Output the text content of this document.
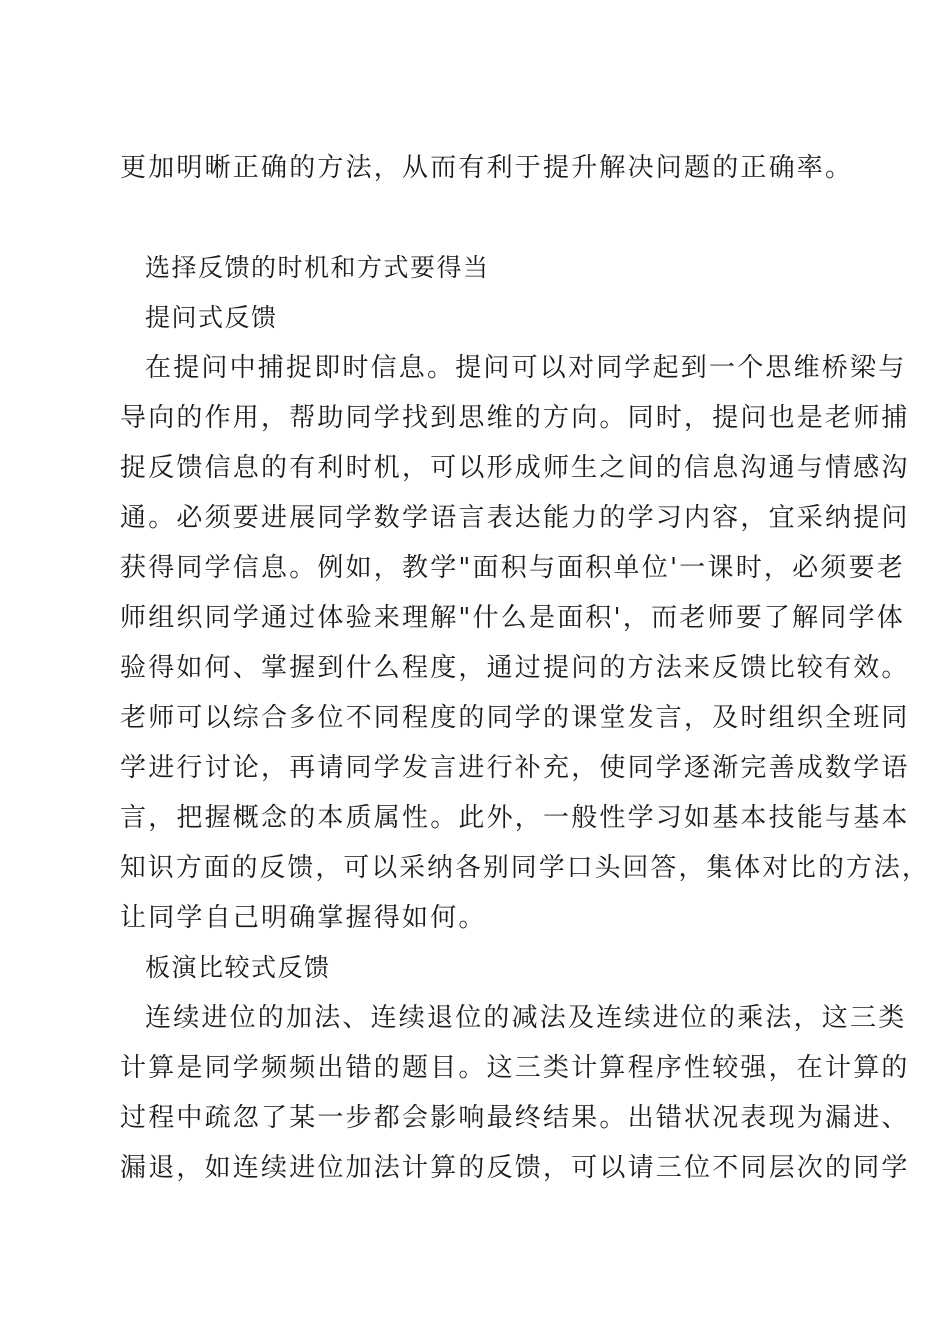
更加明晰正确的方法，从而有利于提升解决问题的正确率。
选择反馈的时机和方式要得当
提问式反馈
在提问中捕捉即时信息。提问可以对同学起到一个思维桥梁与
导向的作用，帮助同学找到思维的方向。同时，提问也是老师捕
捉反馈信息的有利时机，可以形成师生之间的信息沟通与情感沟
通。必须要进展同学数学语言表达能力的学习内容，宜采纳提问
获得同学信息。例如，教学"面积与面积单位'一课时，必须要老
师组织同学通过体验来理解"什么是面积'，而老师要了解同学体
验得如何、掌握到什么程度，通过提问的方法来反馈比较有效。
老师可以综合多位不同程度的同学的课堂发言，及时组织全班同
学进行讨论，再请同学发言进行补充，使同学逐渐完善成数学语
言，把握概念的本质属性。此外，一般性学习如基本技能与基本
知识方面的反馈，可以采纳各别同学口头回答，集体对比的方法，
让同学自己明确掌握得如何。
板演比较式反馈
连续进位的加法、连续退位的减法及连续进位的乘法，这三类
计算是同学频频出错的题目。这三类计算程序性较强，在计算的
过程中疏忽了某一步都会影响最终结果。出错状况表现为漏进、
漏退，如连续进位加法计算的反馈，可以请三位不同层次的同学
